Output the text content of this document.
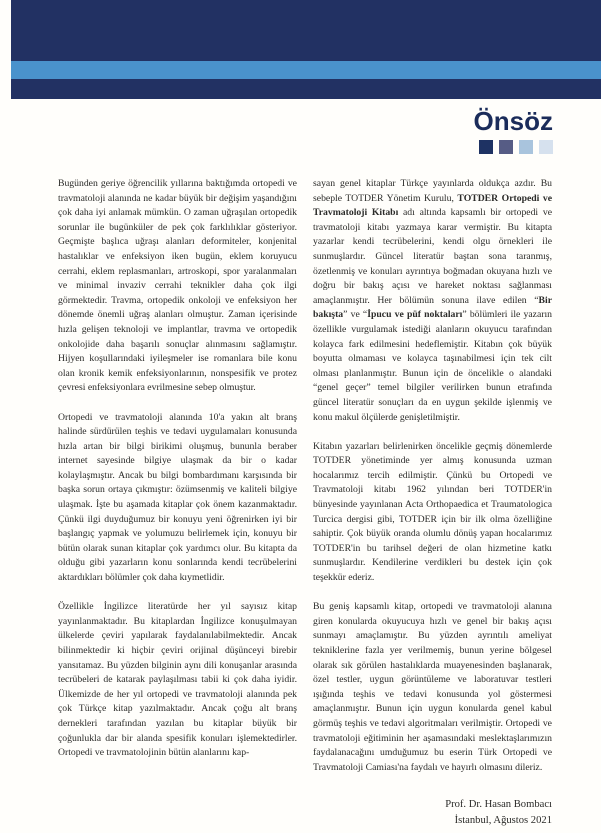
Önsöz

Bugünden geriye öğrencilik yıllarına baktığımda ortopedi ve travmatoloji alanında ne kadar büyük bir değişim yaşandığını çok daha iyi anlamak mümkün. O zaman uğraşılan ortopedik sorunlar ile bugünküler de pek çok farklılıklar gösteriyor. Geçmişte başlıca uğraşı alanları deformiteler, konjenital hastalıklar ve enfeksiyon iken bugün, eklem koruyucu cerrahi, eklem replasmanları, artroskopi, spor yaralanmaları ve minimal invaziv cerrahi teknikler daha çok ilgi görmektedir. Travma, ortopedik onkoloji ve enfeksiyon her dönemde önemli uğraş alanları olmuştur. Zaman içerisinde hızla gelişen teknoloji ve implantlar, travma ve ortopedik onkolojide daha başarılı sonuçlar alınmasını sağlamıştır. Hijyen koşullarındaki iyileşmeler ise romanlara bile konu olan kronik kemik enfeksiyonlarının, nonspesifik ve protez çevresi enfeksiyonlara evrilmesine sebep olmuştur.

Ortopedi ve travmatoloji alanında 10'a yakın alt branş halinde sürdürülen teşhis ve tedavi uygulamaları konusunda hızla artan bir bilgi birikimi oluşmuş, bununla beraber internet sayesinde bilgiye ulaşmak da bir o kadar kolaylaşmıştır. Ancak bu bilgi bombardımanı karşısında bir başka sorun ortaya çıkmıştır: özümsenmiş ve kaliteli bilgiye ulaşmak. İşte bu aşamada kitaplar çok önem kazanmaktadır. Çünkü ilgi duyduğumuz bir konuyu yeni öğrenirken iyi bir başlangıç yapmak ve yolumuzu belirlemek için, konuyu bir bütün olarak sunan kitaplar çok yardımcı olur. Bu kitapta da olduğu gibi yazarların konu sonlarında kendi tecrübelerini aktardıkları bölümler çok daha kıymetlidir.

Özellikle İngilizce literatürde her yıl sayısız kitap yayınlanmaktadır. Bu kitaplardan İngilizce konuşulmayan ülkelerde çeviri yapılarak faydalanılabilmektedir. Ancak bilinmektedir ki hiçbir çeviri orijinal düşünceyi birebir yansıtamaz. Bu yüzden bilginin aynı dili konuşanlar arasında tecrübeleri de katarak paylaşılması tabii ki çok daha iyidir. Ülkemizde de her yıl ortopedi ve travmatoloji alanında pek çok Türkçe kitap yazılmaktadır. Ancak çoğu alt branş dernekleri tarafından yazılan bu kitaplar büyük bir çoğunlukla dar bir alanda spesifik konuları işlemektedirler. Ortopedi ve travmatolojinin bütün alanlarını kap-

sayan genel kitaplar Türkçe yayınlarda oldukça azdır. Bu sebeple TOTDER Yönetim Kurulu, TOTDER Ortopedi ve Travmatoloji Kitabı adı altında kapsamlı bir ortopedi ve travmatoloji kitabı yazmaya karar vermiştir. Bu kitapta yazarlar kendi tecrübelerini, kendi olgu örnekleri ile sunmuşlardır. Güncel literatür baştan sona taranmış, özetlenmiş ve konuları ayrıntıya boğmadan okuyana hızlı ve doğru bir bakış açısı ve hareket noktası sağlanması amaçlanmıştır. Her bölümün sonuna ilave edilen “Bir bakışta” ve “İpucu ve püf noktaları” bölümleri ile yazarın özellikle vurgulamak istediği alanların okuyucu tarafından kolayca fark edilmesini hedeflemiştir. Kitabın çok büyük boyutta olmaması ve kolayca taşınabilmesi için tek cilt olması planlanmıştır. Bunun için de öncelikle o alandaki “genel geçer” temel bilgiler verilirken bunun etrafında güncel literatür sonuçları da en uygun şekilde işlenmiş ve konu makul ölçülerde genişletilmiştir.

Kitabın yazarları belirlenirken öncelikle geçmiş dönemlerde TOTDER yönetiminde yer almış konusunda uzman hocalarımız tercih edilmiştir. Çünkü bu Ortopedi ve Travmatoloji kitabı 1962 yılından beri TOTDER'in bünyesinde yayınlanan Acta Orthopaedica et Traumatologica Turcica dergisi gibi, TOTDER için bir ilk olma özelliğine sahiptir. Çok büyük oranda olumlu dönüş yapan hocalarımız TOTDER'in bu tarihsel değeri de olan hizmetine katkı sunmuşlardır. Kendilerine verdikleri bu destek için çok teşekkür ederiz.

Bu geniş kapsamlı kitap, ortopedi ve travmatoloji alanına giren konularda okuyucuya hızlı ve genel bir bakış açısı sunmayı amaçlamıştır. Bu yüzden ayrıntılı ameliyat tekniklerine fazla yer verilmemiş, bunun yerine bölgesel olarak sık görülen hastalıklarda muayenesinden başlanarak, özel testler, uygun görüntüleme ve laboratuvar testleri ışığında teşhis ve tedavi konusunda yol göstermesi amaçlanmıştır. Bunun için uygun konularda genel kabul görmüş teşhis ve tedavi algoritmaları verilmiştir. Ortopedi ve travmatoloji eğitiminin her aşamasındaki meslektaşlarımızın faydalanacağını umduğumuz bu eserin Türk Ortopedi ve Travmatoloji Camiası'na faydalı ve hayırlı olmasını dileriz.

Prof. Dr. Hasan Bombacı
İstanbul, Ağustos 2021
